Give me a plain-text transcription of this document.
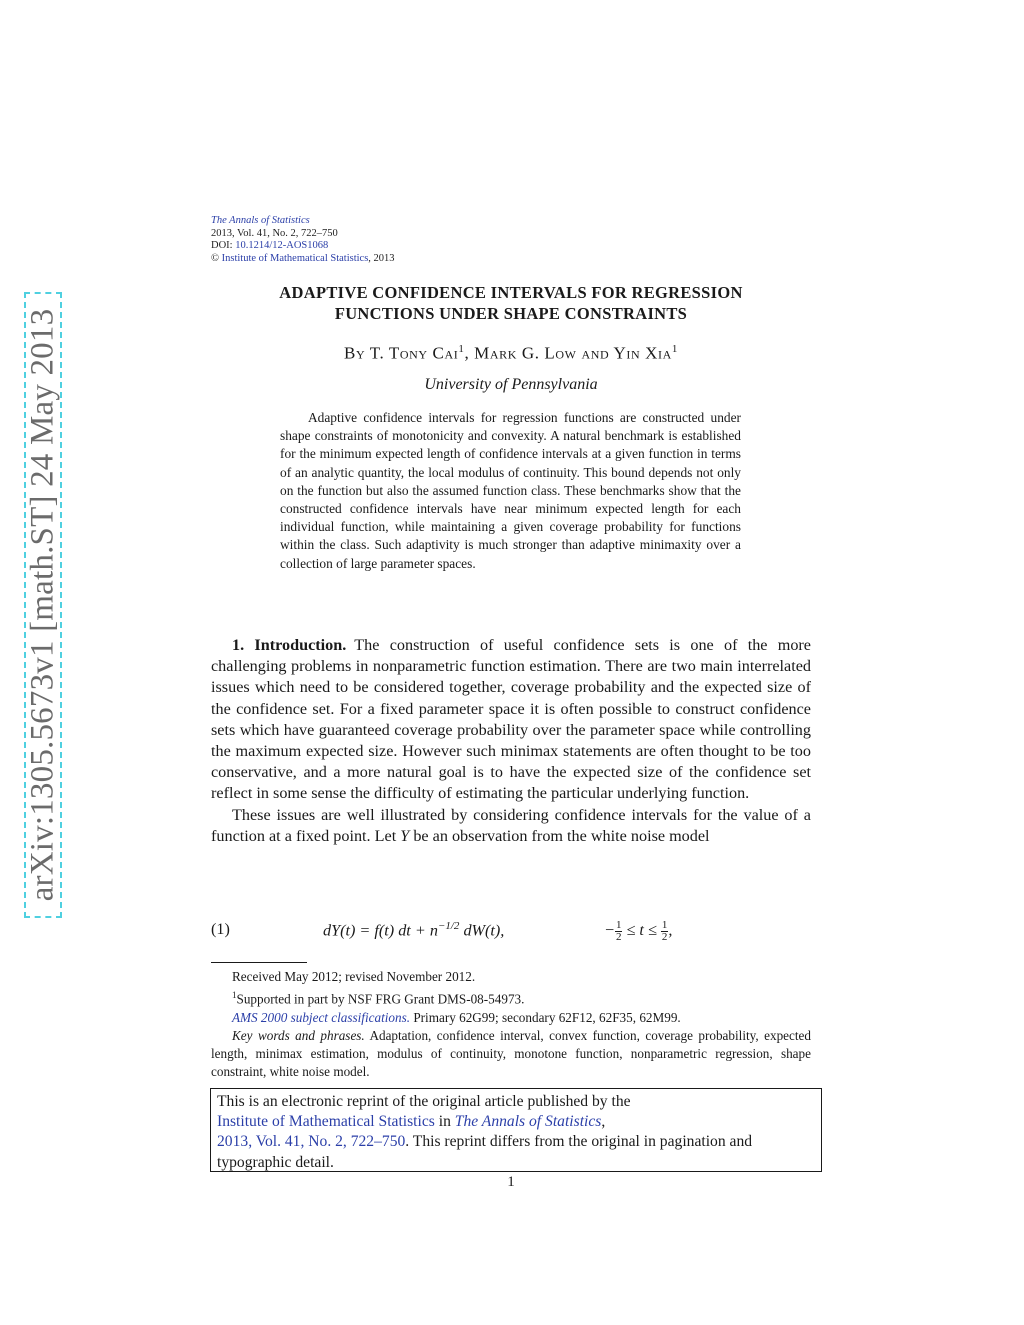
arXiv:1305.5673v1 [math.ST] 24 May 2013
The Annals of Statistics
2013, Vol. 41, No. 2, 722–750
DOI: 10.1214/12-AOS1068
© Institute of Mathematical Statistics, 2013
ADAPTIVE CONFIDENCE INTERVALS FOR REGRESSION
FUNCTIONS UNDER SHAPE CONSTRAINTS
By T. Tony Cai$^1$, Mark G. Low and Yin Xia$^1$
University of Pennsylvania

Adaptive confidence intervals for regression functions are constructed under shape constraints of monotonicity and convexity. A natural benchmark is established for the minimum expected length of confidence intervals at a given function in terms of an analytic quantity, the local modulus of continuity. This bound depends not only on the function but also the assumed function class. These benchmarks show that the constructed confidence intervals have near minimum expected length for each individual function, while maintaining a given coverage probability for functions within the class. Such adaptivity is much stronger than adaptive minimaxity over a collection of large parameter spaces.

1. Introduction. The construction of useful confidence sets is one of the more challenging problems in nonparametric function estimation. There are two main interrelated issues which need to be considered together, coverage probability and the expected size of the confidence set. For a fixed parameter space it is often possible to construct confidence sets which have guaranteed coverage probability over the parameter space while controlling the maximum expected size. However such minimax statements are often thought to be too conservative, and a more natural goal is to have the expected size of the confidence set reflect in some sense the difficulty of estimating the particular underlying function.

These issues are well illustrated by considering confidence intervals for the value of a function at a fixed point. Let Y be an observation from the white noise model

(1)	dY(t) = f(t) dt + $n^{-1/2}$ dW(t),	− $\frac{1}{2} \le t \le \frac{1}{2}$ ,

Received May 2012; revised November 2012.

$^1$Supported in part by NSF FRG Grant DMS-08-54973.

AMS 2000 subject classifications. Primary 62G99; secondary 62F12, 62F35, 62M99.

Key words and phrases. Adaptation, confidence interval, convex function, coverage probability, expected length, minimax estimation, modulus of continuity, monotone function, nonparametric regression, shape constraint, white noise model.

This is an electronic reprint of the original article published by the
Institute of Mathematical Statistics in The Annals of Statistics,
2013, Vol. 41, No. 2, 722–750. This reprint differs from the original in pagination and typographic detail.
1
